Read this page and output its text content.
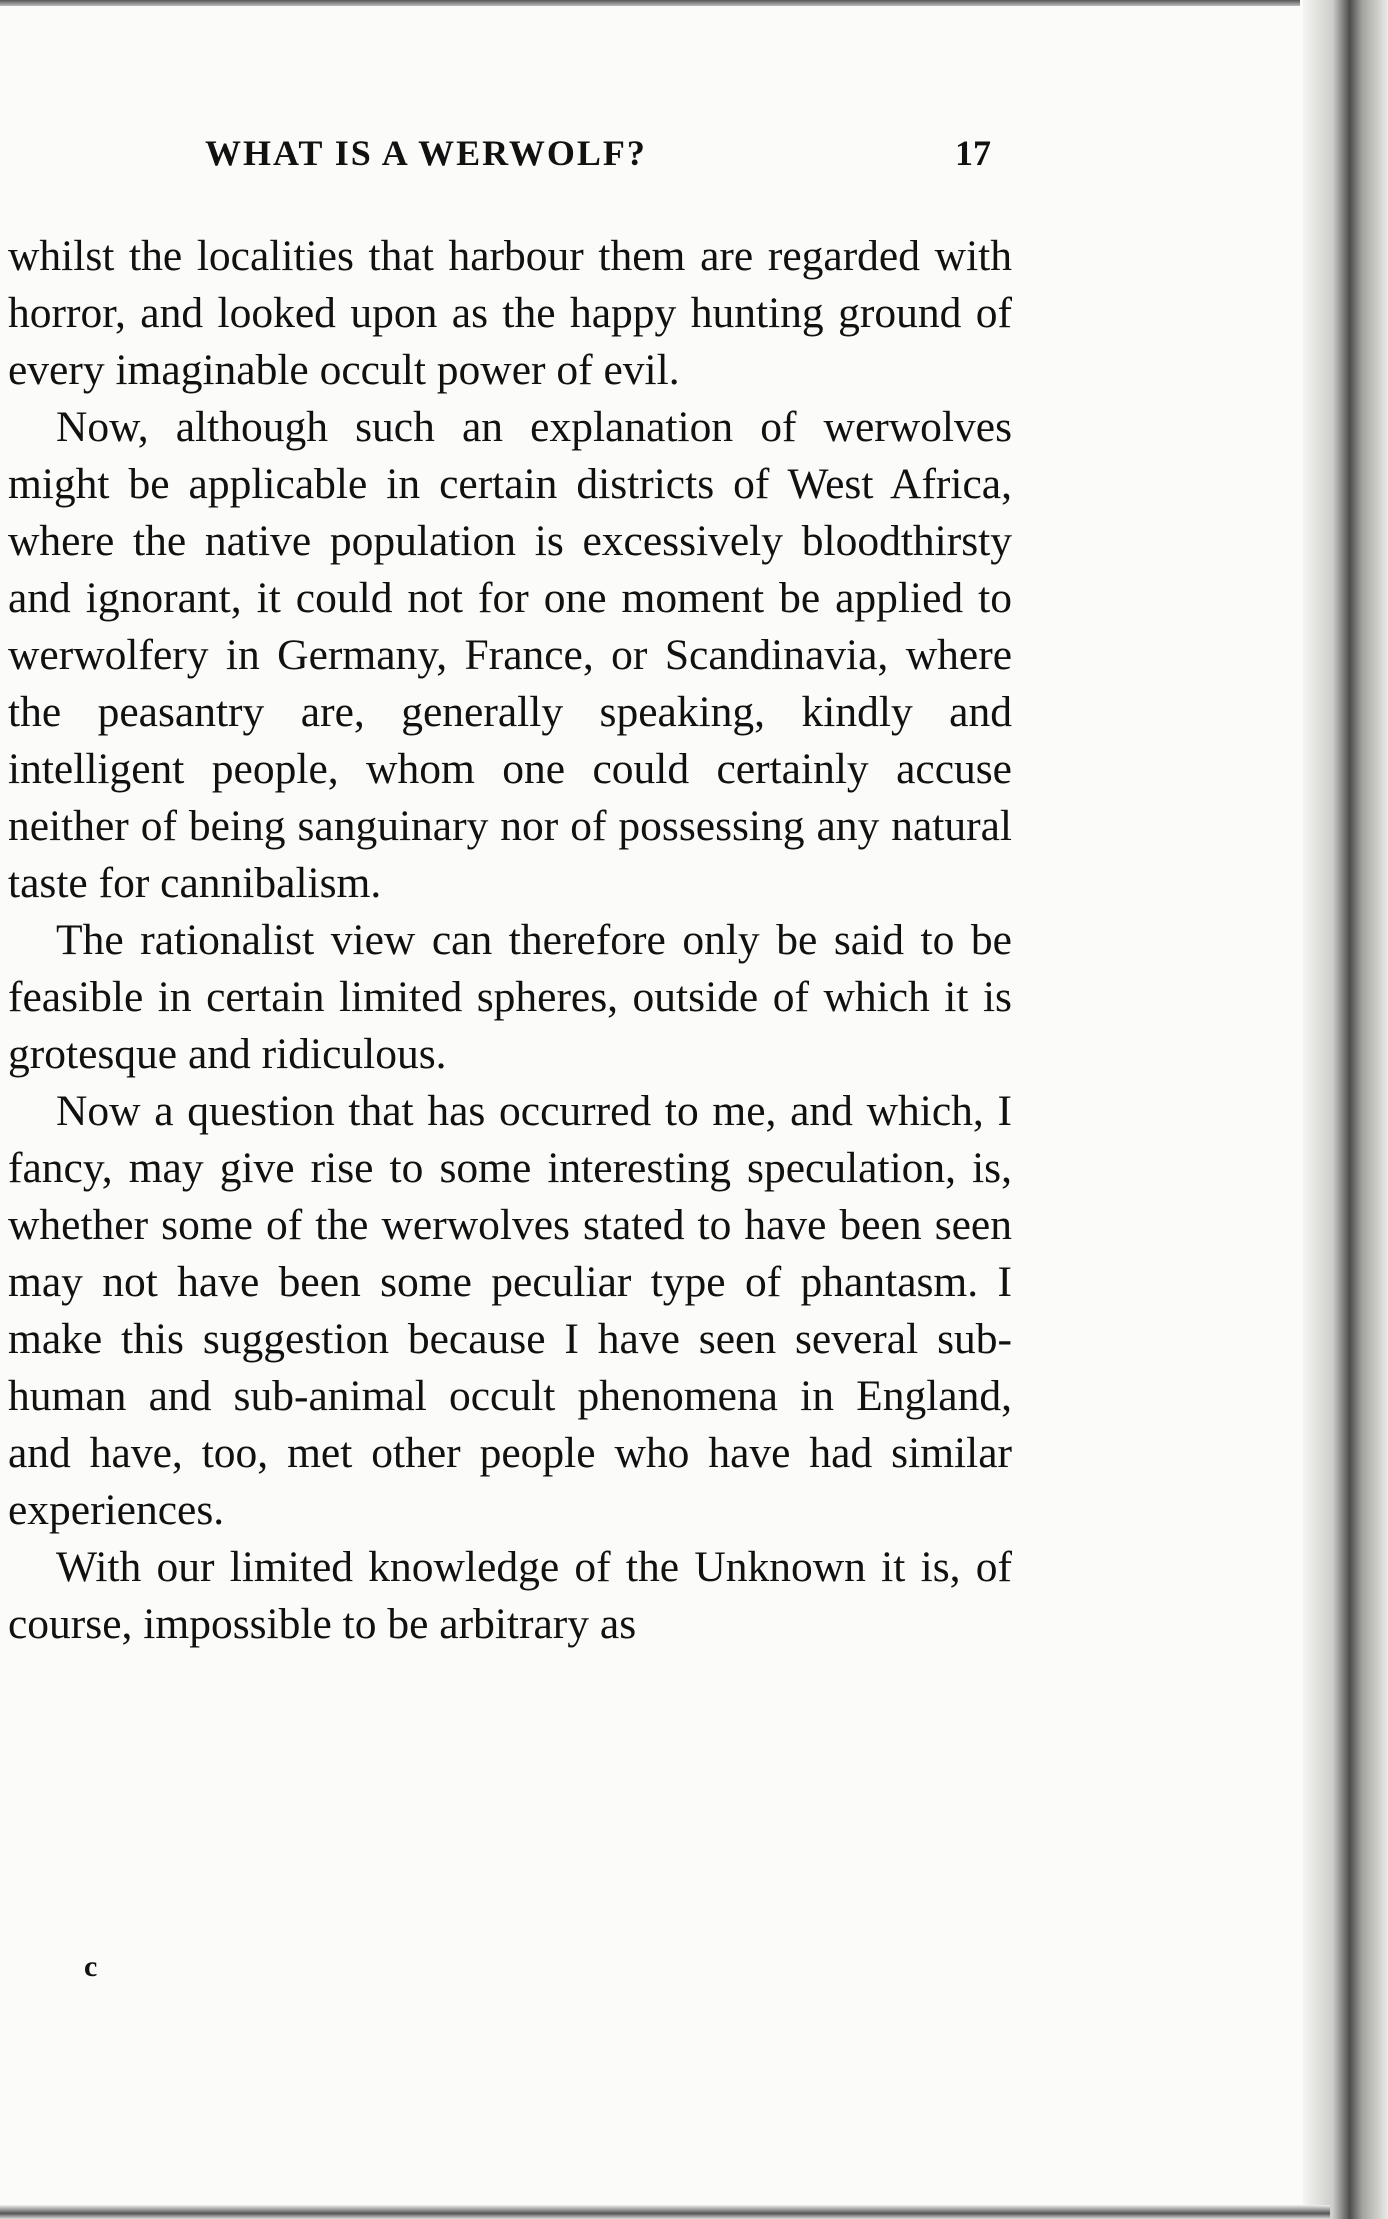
WHAT IS A WERWOLF?	17

whilst the localities that harbour them are regarded with horror, and looked upon as the happy hunting ground of every imaginable occult power of evil.

Now, although such an explanation of werwolves might be applicable in certain districts of West Africa, where the native population is excessively bloodthirsty and ignorant, it could not for one moment be applied to werwolfery in Germany, France, or Scandinavia, where the peasantry are, generally speaking, kindly and intelligent people, whom one could certainly accuse neither of being sanguinary nor of possessing any natural taste for cannibalism.

The rationalist view can therefore only be said to be feasible in certain limited spheres, outside of which it is grotesque and ridiculous.

Now a question that has occurred to me, and which, I fancy, may give rise to some interesting speculation, is, whether some of the werwolves stated to have been seen may not have been some peculiar type of phantasm. I make this suggestion because I have seen several sub-human and sub-animal occult phenomena in England, and have, too, met other people who have had similar experiences.

With our limited knowledge of the Unknown it is, of course, impossible to be arbitrary as

c
